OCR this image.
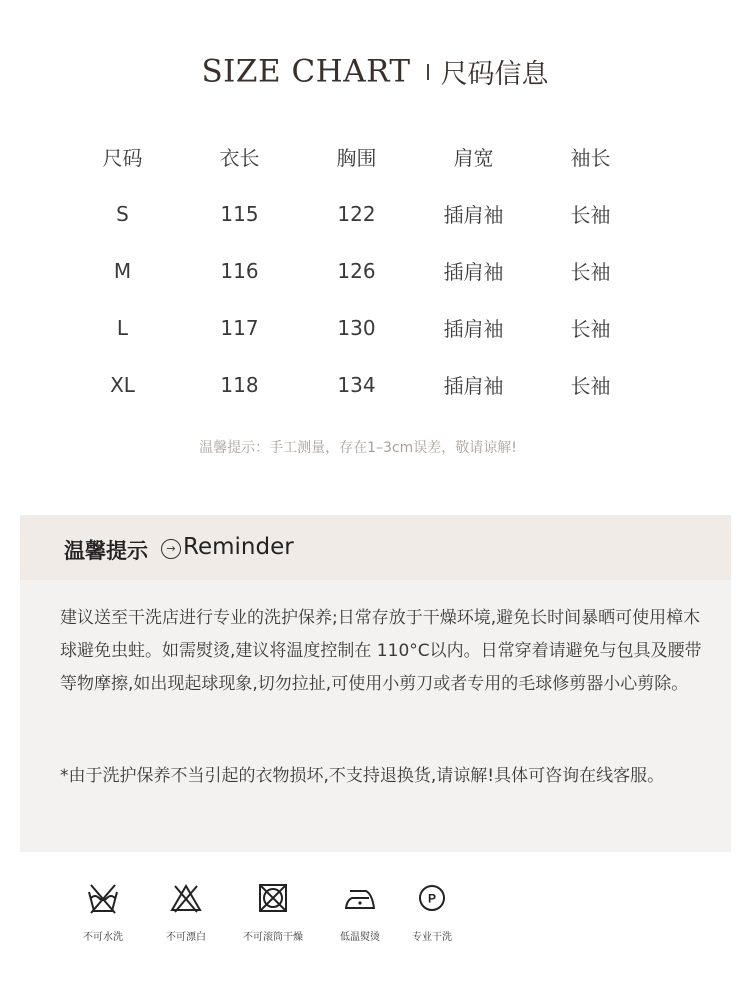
SIZE CHART 尺码信息
尺码	衣长	胸围	肩宽	袖长
S	115	122	插肩袖	长袖
M	116	126	插肩袖	长袖
L	117	130	插肩袖	长袖
XL	118	134	插肩袖	长袖
温馨提示：手工测量，存在1–3cm误差，敬请谅解!
温馨提示	→ Reminder
建议送至干洗店进行专业的洗护保养;日常存放于干燥环境,避免长时间暴晒可使用樟木球避免虫蛀。如需熨烫,建议将温度控制在 110°C以内。日常穿着请避免与包具及腰带等物摩擦,如出现起球现象,切勿拉扯,可使用小剪刀或者专用的毛球修剪器小心剪除。
*由于洗护保养不当引起的衣物损坏,不支持退换货,请谅解!具体可咨询在线客服。
不可水洗	不可漂白	不可滚筒干燥	低温熨烫
P
专业干洗
